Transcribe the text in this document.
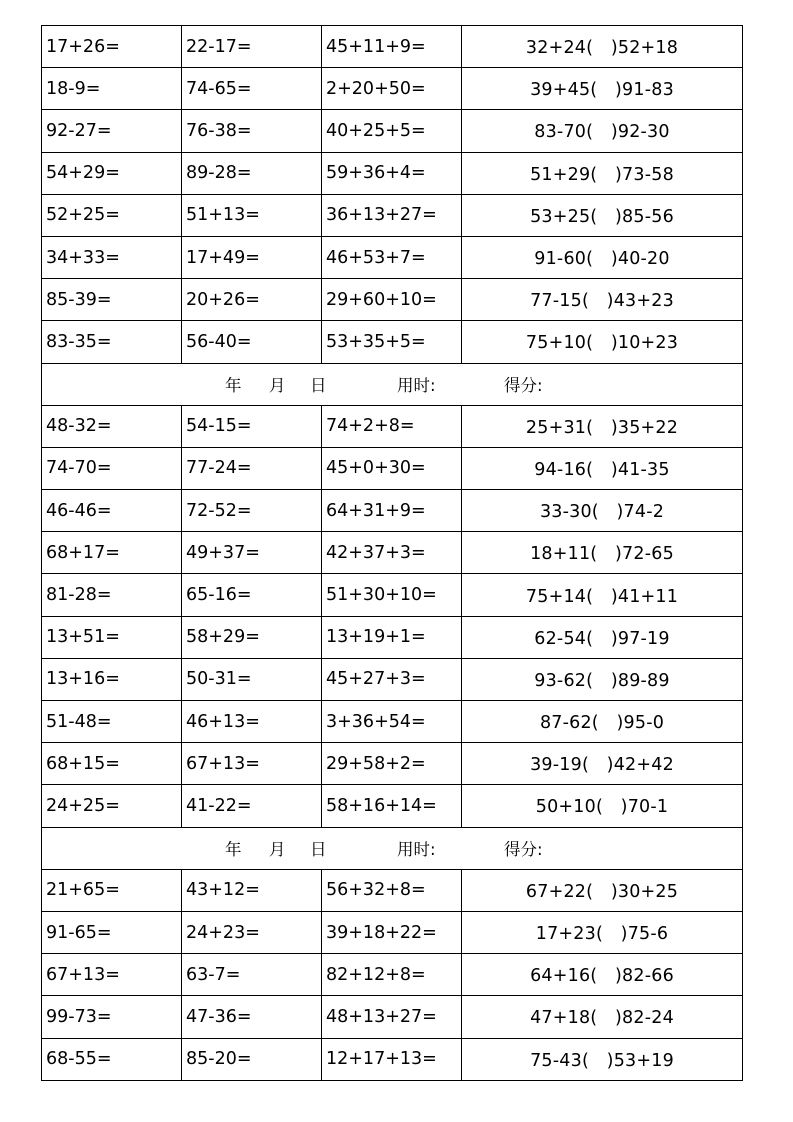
17+26=	22-17=	45+11+9=	32+24(　)52+18
18-9=	74-65=	2+20+50=	39+45(　)91-83
92-27=	76-38=	40+25+5=	83-70(　)92-30
54+29=	89-28=	59+36+4=	51+29(　)73-58
52+25=	51+13=	36+13+27=	53+25(　)85-56
34+33=	17+49=	46+53+7=	91-60(　)40-20
85-39=	20+26=	29+60+10=	77-15(　)43+23
83-35=	56-40=	53+35+5=	75+10(　)10+23

年 月 日 用时: 得分:			

48-32=	54-15=	74+2+8=	25+31(　)35+22
74-70=	77-24=	45+0+30=	94-16(　)41-35
46-46=	72-52=	64+31+9=	33-30(　)74-2
68+17=	49+37=	42+37+3=	18+11(　)72-65
81-28=	65-16=	51+30+10=	75+14(　)41+11
13+51=	58+29=	13+19+1=	62-54(　)97-19
13+16=	50-31=	45+27+3=	93-62(　)89-89
51-48=	46+13=	3+36+54=	87-62(　)95-0
68+15=	67+13=	29+58+2=	39-19(　)42+42
24+25=	41-22=	58+16+14=	50+10(　)70-1

年 月 日 用时: 得分:			

21+65=	43+12=	56+32+8=	67+22(　)30+25
91-65=	24+23=	39+18+22=	17+23(　)75-6
67+13=	63-7=	82+12+8=	64+16(　)82-66
99-73=	47-36=	48+13+27=	47+18(　)82-24
68-55=	85-20=	12+17+13=	75-43(　)53+19
